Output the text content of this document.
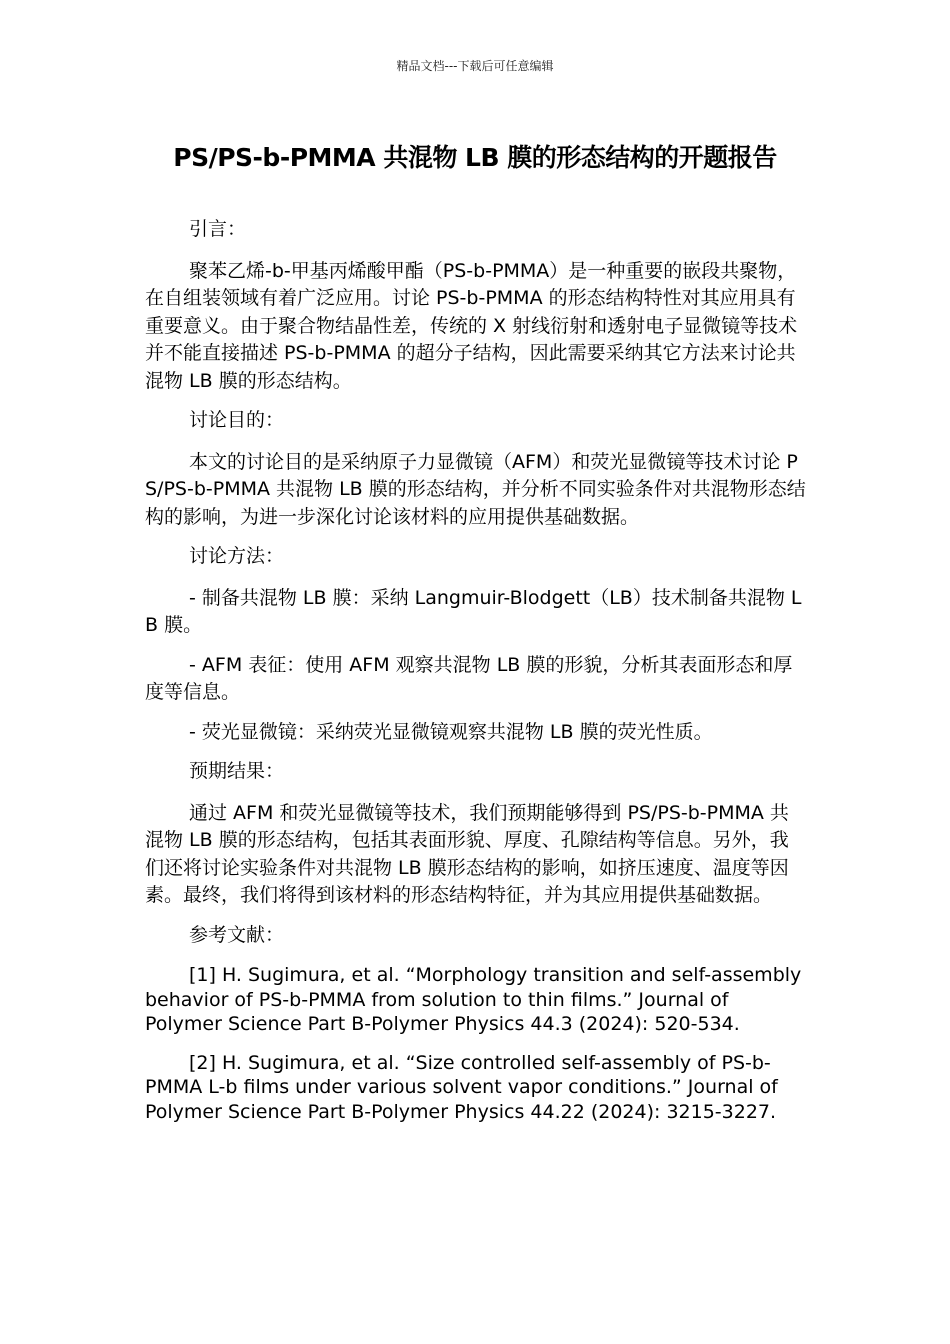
精品文档---下载后可任意编辑
PS/PS-b-PMMA 共混物 LB 膜的形态结构的开题报告

引言：

聚苯乙烯-b-甲基丙烯酸甲酯（PS-b-PMMA）是一种重要的嵌段共聚物，在自组装领域有着广泛应用。讨论 PS-b-PMMA 的形态结构特性对其应用具有重要意义。由于聚合物结晶性差，传统的 X 射线衍射和透射电子显微镜等技术并不能直接描述 PS-b-PMMA 的超分子结构，因此需要采纳其它方法来讨论共混物 LB 膜的形态结构。

讨论目的：

本文的讨论目的是采纳原子力显微镜（AFM）和荧光显微镜等技术讨论 PS/PS-b-PMMA 共混物 LB 膜的形态结构，并分析不同实验条件对共混物形态结构的影响，为进一步深化讨论该材料的应用提供基础数据。

讨论方法：

- 制备共混物 LB 膜：采纳 Langmuir-Blodgett（LB）技术制备共混物 LB 膜。

- AFM 表征：使用 AFM 观察共混物 LB 膜的形貌，分析其表面形态和厚度等信息。

- 荧光显微镜：采纳荧光显微镜观察共混物 LB 膜的荧光性质。

预期结果：

通过 AFM 和荧光显微镜等技术，我们预期能够得到 PS/PS-b-PMMA 共混物 LB 膜的形态结构，包括其表面形貌、厚度、孔隙结构等信息。另外，我们还将讨论实验条件对共混物 LB 膜形态结构的影响，如挤压速度、温度等因素。最终，我们将得到该材料的形态结构特征，并为其应用提供基础数据。

参考文献：

[1] H. Sugimura, et al. “Morphology transition and self-assembly behavior of PS-b-PMMA from solution to thin films.” Journal of Polymer Science Part B-Polymer Physics 44.3 (2024): 520-534.

[2] H. Sugimura, et al. “Size controlled self-assembly of PS-b-PMMA L-b films under various solvent vapor conditions.” Journal of Polymer Science Part B-Polymer Physics 44.22 (2024): 3215-3227.
